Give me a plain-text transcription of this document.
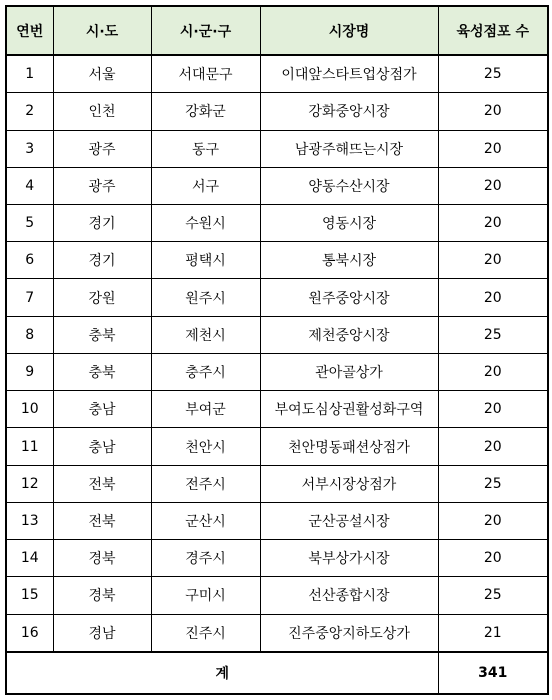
연번	시·도	시·군·구	시장명	육성점포 수
1	서울	서대문구	이대앞스타트업상점가	25
2	인천	강화군	강화중앙시장	20
3	광주	동구	남광주해뜨는시장	20
4	광주	서구	양동수산시장	20
5	경기	수원시	영동시장	20
6	경기	평택시	통북시장	20
7	강원	원주시	원주중앙시장	20
8	충북	제천시	제천중앙시장	25
9	충북	충주시	관아골상가	20
10	충남	부여군	부여도심상권활성화구역	20
11	충남	천안시	천안명동패션상점가	20
12	전북	전주시	서부시장상점가	25
13	전북	군산시	군산공설시장	20
14	경북	경주시	북부상가시장	20
15	경북	구미시	선산종합시장	25
16	경남	진주시	진주중앙지하도상가	21
계				341
